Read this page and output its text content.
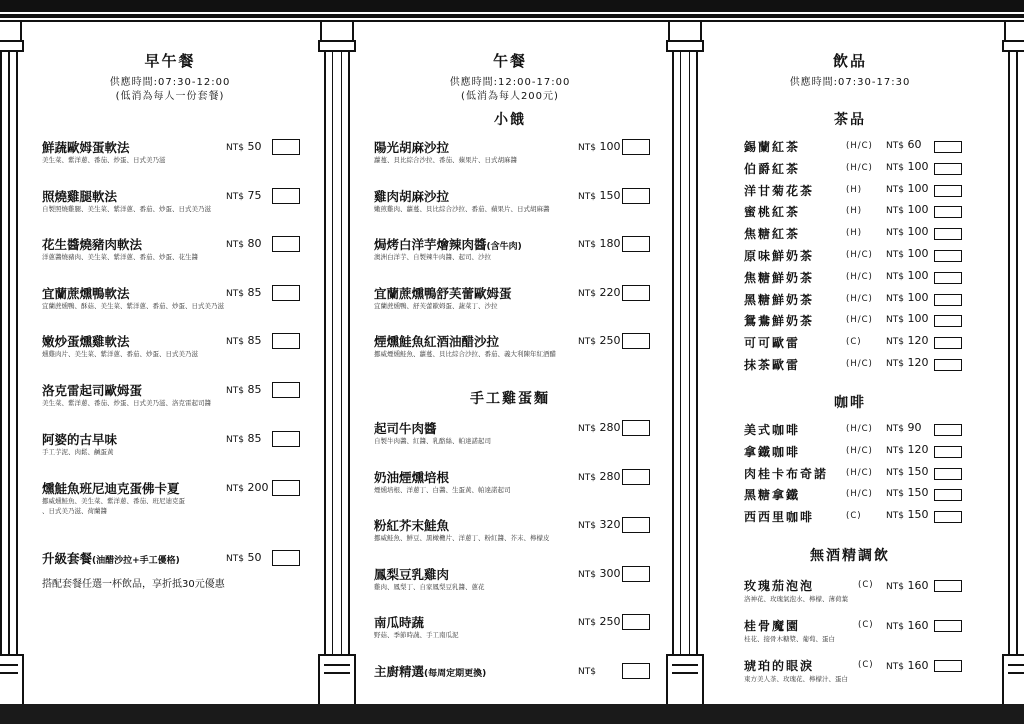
早午餐
供應時間:07:30-12:00
(低消為每人一份套餐)
鮮蔬歐姆蛋軟法
美生菜、紫洋蔥、番茄、炒蛋、日式美乃滋
NT$ 50
照燒雞腿軟法
自製照燒雞腿、美生菜、紫洋蔥、番茄、炒蛋、日式美乃滋
NT$ 75
花生醬燒豬肉軟法
洋蔥醬燒豬肉、美生菜、紫洋蔥、番茄、炒蛋、花生醬
NT$ 80
宜蘭蔗燻鴨軟法
宜蘭蔗燻鴨、酥菇、美生菜、紫洋蔥、番茄、炒蛋、日式美乃滋
NT$ 85
嫩炒蛋燻雞軟法
燻雞肉片、美生菜、紫洋蔥、番茄、炒蛋、日式美乃滋
NT$ 85
洛克雷起司歐姆蛋
美生菜、紫洋蔥、番茄、炒蛋、日式美乃滋、洛克雷起司醬
NT$ 85
阿婆的古早味
手工芋泥、肉鬆、鹹蛋黃
NT$ 85
燻鮭魚班尼迪克蛋佛卡夏
挪威燻鮭魚、美生菜、紫洋蔥、番茄、班尼迪克蛋
、日式美乃滋、荷蘭醬
NT$ 200
升級套餐(油醋沙拉+手工優格)	NT$ 50
搭配套餐任選一杯飲品，享折抵30元優惠
午餐
供應時間:12:00-17:00
(低消為每人200元)
小餓
陽光胡麻沙拉
蘿蔓、貝比綜合沙拉、番茄、蘋果片、日式胡麻醬
NT$ 100
雞肉胡麻沙拉
嫩煎雞肉、蘿蔓、貝比綜合沙拉、番茄、蘋果片、日式胡麻醬
NT$ 150
焗烤白洋芋燴辣肉醬(含牛肉)
澳洲白洋芋、自製辣牛肉醬、起司、沙拉
NT$ 180
宜蘭蔗燻鴨舒芙蕾歐姆蛋
宜蘭蔗燻鴨、舒芙蕾歐姆蛋、蔬菜丁、沙拉
NT$ 220
煙燻鮭魚紅酒油醋沙拉
挪威煙燻鮭魚、蘿蔓、貝比綜合沙拉、番茄、義大利陳年紅酒醋
NT$ 250
手工雞蛋麵
起司牛肉醬
自製牛肉醬、紅醬、乳酪絲、帕達諾起司
NT$ 280
奶油煙燻培根
煙燻培根、洋蔥丁、白醬、生蛋黃、帕達諾起司
NT$ 280
粉紅芥末鮭魚
挪威鮭魚、鮮豆、黑橄欖片、洋蔥丁、粉紅醬、芥末、檸檬皮
NT$ 320
鳳梨豆乳雞肉
雞肉、鳳梨丁、自家鳳梨豆乳醬、蔥花
NT$ 300
南瓜時蔬
野菇、季節時蔬、手工南瓜泥
NT$ 250
主廚精選(每周定期更換)	NT$
飲品
供應時間:07:30-17:30
茶品
錫蘭紅茶	(H/C) NT$ 60
伯爵紅茶	(H/C) NT$ 100
洋甘菊花茶	(H)	NT$ 100
蜜桃紅茶	(H)	NT$ 100
焦糖紅茶	(H)	NT$ 100
原味鮮奶茶	(H/C) NT$ 100
焦糖鮮奶茶	(H/C) NT$ 100
黑糖鮮奶茶	(H/C) NT$ 100
鴛鴦鮮奶茶	(H/C) NT$ 100
可可歐雷	(C)	NT$ 120
抹茶歐雷	(H/C) NT$ 120
咖啡
美式咖啡	(H/C) NT$ 90
拿鐵咖啡	(H/C) NT$ 120
肉桂卡布奇諾 (H/C) NT$ 150
黑糖拿鐵	(H/C) NT$ 150
西西里咖啡	(C)	NT$ 150
無酒精調飲
玫瑰茄泡泡	(C)
洛神花、玫瑰氣泡水、檸檬、薄荷葉
NT$ 160
桂骨魔園	(C)
桂花、接骨木糖漿、葡萄、蛋白
NT$ 160
琥珀的眼淚	(C)
東方美人茶、玫瑰花、檸檬汁、蛋白
NT$ 160
